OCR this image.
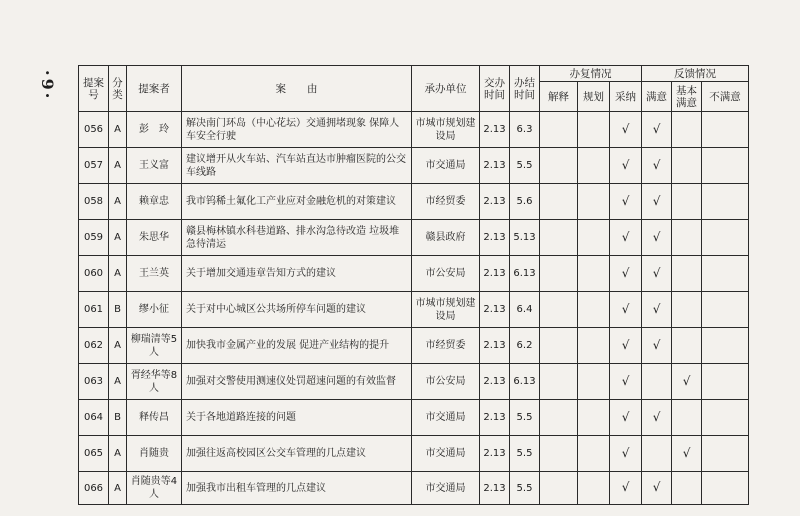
·9· 提案号	分类	提案者	案　　由	承办单位	交办时间	办结时间	办复情况			反馈情况		
							解释	规划	采纳	满意	基本满意	不满意
056	A	彭　玲	解决南门环岛（中心花坛）交通拥堵现象 保障人车安全行驶	市城市规划建设局	2.13	6.3			√	√		
057	A	王义富	建议增开从火车站、汽车站直达市肿瘤医院的公交车线路	市交通局	2.13	5.5			√	√		
058	A	赖章忠	我市钨稀土氟化工产业应对金融危机的对策建议	市经贸委	2.13	5.6			√	√		
059	A	朱思华	赣县梅林镇水科巷道路、排水沟急待改造 垃圾堆急待清运	赣县政府	2.13	5.13			√	√		
060	A	王兰英	关于增加交通违章告知方式的建议	市公安局	2.13	6.13			√	√		
061	B	缪小征	关于对中心城区公共场所停车问题的建议	市城市规划建设局	2.13	6.4			√	√		
062	A	柳瑞清等5人	加快我市金属产业的发展 促进产业结构的提升	市经贸委	2.13	6.2			√	√		
063	A	胥经华等8人	加强对交警使用测速仪处罚超速问题的有效监督	市公安局	2.13	6.13			√		√	
064	B	释传昌	关于各地道路连接的问题	市交通局	2.13	5.5			√	√		
065	A	肖随贵	加强往返高校园区公交车管理的几点建议	市交通局	2.13	5.5			√		√	
066	A	肖随贵等4人	加强我市出租车管理的几点建议	市交通局	2.13	5.5			√	√		
